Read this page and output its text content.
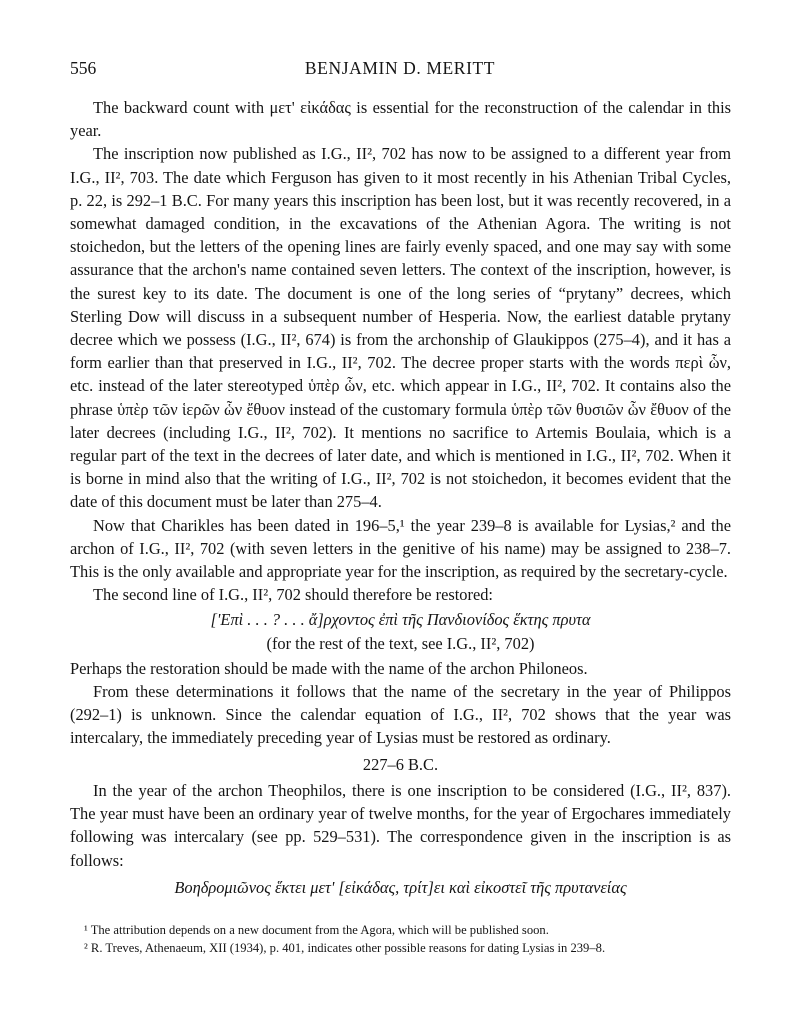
556	BENJAMIN D. MERITT

The backward count with μετ' εἰκάδας is essential for the reconstruction of the calendar in this year.

The inscription now published as I.G., II², 702 has now to be assigned to a different year from I.G., II², 703. The date which Ferguson has given to it most recently in his Athenian Tribal Cycles, p. 22, is 292–1 B.C. For many years this inscription has been lost, but it was recently recovered, in a somewhat damaged condition, in the excavations of the Athenian Agora. The writing is not stoichedon, but the letters of the opening lines are fairly evenly spaced, and one may say with some assurance that the archon's name contained seven letters. The context of the inscription, however, is the surest key to its date. The document is one of the long series of “prytany” decrees, which Sterling Dow will discuss in a subsequent number of Hesperia. Now, the earliest datable prytany decree which we possess (I.G., II², 674) is from the archonship of Glaukippos (275–4), and it has a form earlier than that preserved in I.G., II², 702. The decree proper starts with the words περὶ ὧν, etc. instead of the later stereotyped ὑπὲρ ὧν, etc. which appear in I.G., II², 702. It contains also the phrase ὑπὲρ τῶν ἱερῶν ὧν ἔθυον instead of the customary formula ὑπὲρ τῶν θυσιῶν ὧν ἔθυον of the later decrees (including I.G., II², 702). It mentions no sacrifice to Artemis Boulaia, which is a regular part of the text in the decrees of later date, and which is mentioned in I.G., II², 702. When it is borne in mind also that the writing of I.G., II², 702 is not stoichedon, it becomes evident that the date of this document must be later than 275–4.

Now that Charikles has been dated in 196–5,¹ the year 239–8 is available for Lysias,² and the archon of I.G., II², 702 (with seven letters in the genitive of his name) may be assigned to 238–7. This is the only available and appropriate year for the inscription, as required by the secretary-cycle.

The second line of I.G., II², 702 should therefore be restored:

['Επὶ . . . ? . . . ἄ]ρχοντος ἐπὶ τῆς Πανδιονίδος ἕκτης πρυτα

(for the rest of the text, see I.G., II², 702)

Perhaps the restoration should be made with the name of the archon Philoneos.

From these determinations it follows that the name of the secretary in the year of Philippos (292–1) is unknown. Since the calendar equation of I.G., II², 702 shows that the year was intercalary, the immediately preceding year of Lysias must be restored as ordinary.

227–6 B.C.

In the year of the archon Theophilos, there is one inscription to be considered (I.G., II², 837). The year must have been an ordinary year of twelve months, for the year of Ergochares immediately following was intercalary (see pp. 529–531). The correspondence given in the inscription is as follows:

Βοηδρομιῶνος ἕκτει μετ' [εἰκάδας, τρίτ]ει καὶ εἰκοστεῖ τῆς πρυτανείας

¹ The attribution depends on a new document from the Agora, which will be published soon.

² R. Treves, Athenaeum, XII (1934), p. 401, indicates other possible reasons for dating Lysias in 239–8.
